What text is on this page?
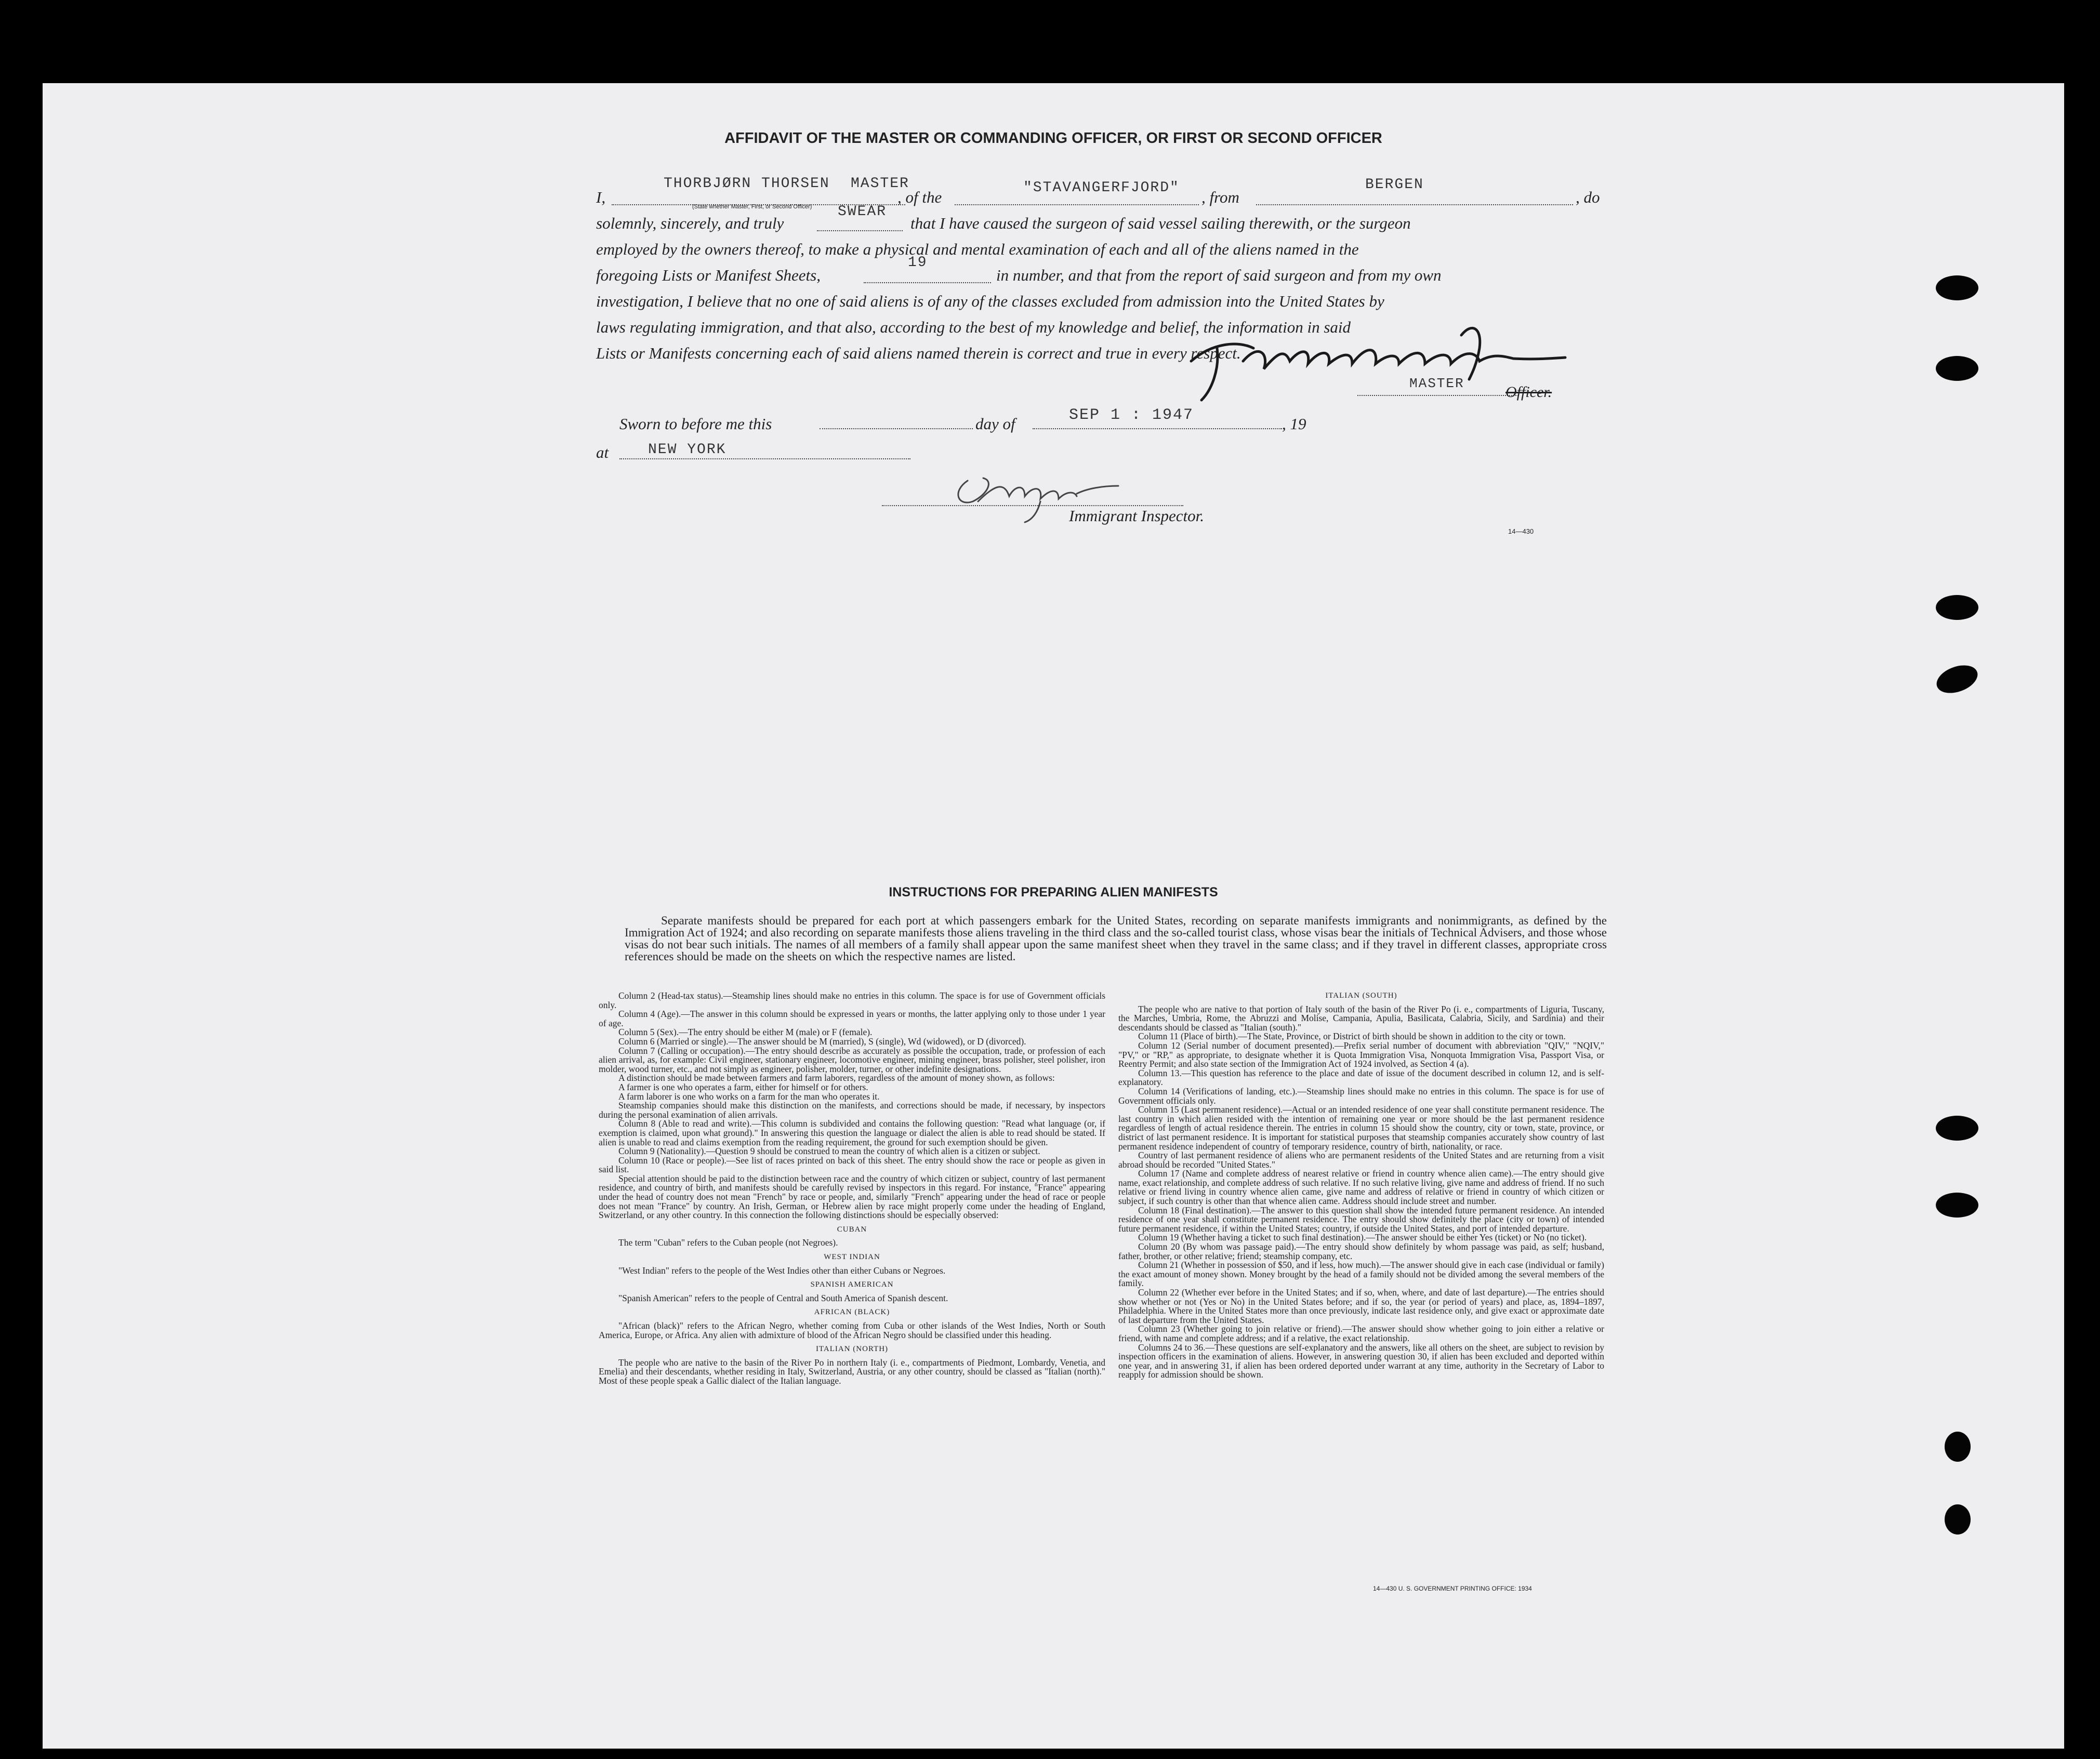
AFFIDAVIT OF THE MASTER OR COMMANDING OFFICER, OR FIRST OR SECOND OFFICER
I,	, of the	, from	, do
THORBJØRN THORSEN MASTER	"STAVANGERFJORD"	BERGEN
(State whether Master, First, or Second Officer)
solemnly, sincerely, and truly	that I have caused the surgeon of said vessel sailing therewith, or the surgeon
SWEAR
employed by the owners thereof, to make a physical and mental examination of each and all of the aliens named in the
foregoing Lists or Manifest Sheets,	in number, and that from the report of said surgeon and from my own
19
investigation, I believe that no one of said aliens is of any of the classes excluded from admission into the United States by
laws regulating immigration, and that also, according to the best of my knowledge and belief, the information in said
Lists or Manifests concerning each of said aliens named therein is correct and true in every respect.
MASTER	Officer.
Sworn to before me this	day of	SEP 1 : 1947	, 19
at	NEW YORK
Immigrant Inspector.
14—430
INSTRUCTIONS FOR PREPARING ALIEN MANIFESTS
Separate manifests should be prepared for each port at which passengers embark for the United States, recording on separate manifests immigrants and nonimmigrants, as defined by the Immigration Act of 1924; and also recording on separate manifests those aliens traveling in the third class and the so-called tourist class, whose visas bear the initials of Technical Advisers, and those whose visas do not bear such initials. The names of all members of a family shall appear upon the same manifest sheet when they travel in the same class; and if they travel in different classes, appropriate cross references should be made on the sheets on which the respective names are listed.

Column 2 (Head-tax status).—Steamship lines should make no entries in this column. The space is for use of Government officials only.

Column 4 (Age).—The answer in this column should be expressed in years or months, the latter applying only to those under 1 year of age.

Column 5 (Sex).—The entry should be either M (male) or F (female).

Column 6 (Married or single).—The answer should be M (married), S (single), Wd (widowed), or D (divorced).

Column 7 (Calling or occupation).—The entry should describe as accurately as possible the occupation, trade, or profession of each alien arrival, as, for example: Civil engineer, stationary engineer, locomotive engineer, mining engineer, brass polisher, steel polisher, iron molder, wood turner, etc., and not simply as engineer, polisher, molder, turner, or other indefinite designations.

A distinction should be made between farmers and farm laborers, regardless of the amount of money shown, as follows:

A farmer is one who operates a farm, either for himself or for others.

A farm laborer is one who works on a farm for the man who operates it.

Steamship companies should make this distinction on the manifests, and corrections should be made, if necessary, by inspectors during the personal examination of alien arrivals.

Column 8 (Able to read and write).—This column is subdivided and contains the following question: "Read what language (or, if exemption is claimed, upon what ground)." In answering this question the language or dialect the alien is able to read should be stated. If alien is unable to read and claims exemption from the reading requirement, the ground for such exemption should be given.

Column 9 (Nationality).—Question 9 should be construed to mean the country of which alien is a citizen or subject.

Column 10 (Race or people).—See list of races printed on back of this sheet. The entry should show the race or people as given in said list.

Special attention should be paid to the distinction between race and the country of which citizen or subject, country of last permanent residence, and country of birth, and manifests should be carefully revised by inspectors in this regard. For instance, "France" appearing under the head of country does not mean "French" by race or people, and, similarly "French" appearing under the head of race or people does not mean "France" by country. An Irish, German, or Hebrew alien by race might properly come under the heading of England, Switzerland, or any other country. In this connection the following distinctions should be especially observed:

CUBAN

The term "Cuban" refers to the Cuban people (not Negroes).

WEST INDIAN

"West Indian" refers to the people of the West Indies other than either Cubans or Negroes.

SPANISH AMERICAN

"Spanish American" refers to the people of Central and South America of Spanish descent.

AFRICAN (BLACK)

"African (black)" refers to the African Negro, whether coming from Cuba or other islands of the West Indies, North or South America, Europe, or Africa. Any alien with admixture of blood of the African Negro should be classified under this heading.

ITALIAN (NORTH)

The people who are native to the basin of the River Po in northern Italy (i. e., compartments of Piedmont, Lombardy, Venetia, and Emelia) and their descendants, whether residing in Italy, Switzerland, Austria, or any other country, should be classed as "Italian (north)." Most of these people speak a Gallic dialect of the Italian language.

ITALIAN (SOUTH)

The people who are native to that portion of Italy south of the basin of the River Po (i. e., compartments of Liguria, Tuscany, the Marches, Umbria, Rome, the Abruzzi and Molise, Campania, Apulia, Basilicata, Calabria, Sicily, and Sardinia) and their descendants should be classed as "Italian (south)."

Column 11 (Place of birth).—The State, Province, or District of birth should be shown in addition to the city or town.

Column 12 (Serial number of document presented).—Prefix serial number of document with abbreviation "QIV," "NQIV," "PV," or "RP," as appropriate, to designate whether it is Quota Immigration Visa, Nonquota Immigration Visa, Passport Visa, or Reentry Permit; and also state section of the Immigration Act of 1924 involved, as Section 4 (a).

Column 13.—This question has reference to the place and date of issue of the document described in column 12, and is self-explanatory.

Column 14 (Verifications of landing, etc.).—Steamship lines should make no entries in this column. The space is for use of Government officials only.

Column 15 (Last permanent residence).—Actual or an intended residence of one year shall constitute permanent residence. The last country in which alien resided with the intention of remaining one year or more should be the last permanent residence regardless of length of actual residence therein. The entries in column 15 should show the country, city or town, state, province, or district of last permanent residence. It is important for statistical purposes that steamship companies accurately show country of last permanent residence independent of country of temporary residence, country of birth, nationality, or race.

Country of last permanent residence of aliens who are permanent residents of the United States and are returning from a visit abroad should be recorded "United States."

Column 17 (Name and complete address of nearest relative or friend in country whence alien came).—The entry should give name, exact relationship, and complete address of such relative. If no such relative living, give name and address of friend. If no such relative or friend living in country whence alien came, give name and address of relative or friend in country of which citizen or subject, if such country is other than that whence alien came. Address should include street and number.

Column 18 (Final destination).—The answer to this question shall show the intended future permanent residence. An intended residence of one year shall constitute permanent residence. The entry should show definitely the place (city or town) of intended future permanent residence, if within the United States; country, if outside the United States, and port of intended departure.

Column 19 (Whether having a ticket to such final destination).—The answer should be either Yes (ticket) or No (no ticket).

Column 20 (By whom was passage paid).—The entry should show definitely by whom passage was paid, as self; husband, father, brother, or other relative; friend; steamship company, etc.

Column 21 (Whether in possession of $50, and if less, how much).—The answer should give in each case (individual or family) the exact amount of money shown. Money brought by the head of a family should not be divided among the several members of the family.

Column 22 (Whether ever before in the United States; and if so, when, where, and date of last departure).—The entries should show whether or not (Yes or No) in the United States before; and if so, the year (or period of years) and place, as, 1894–1897, Philadelphia. Where in the United States more than once previously, indicate last residence only, and give exact or approximate date of last departure from the United States.

Column 23 (Whether going to join relative or friend).—The answer should show whether going to join either a relative or friend, with name and complete address; and if a relative, the exact relationship.

Columns 24 to 36.—These questions are self-explanatory and the answers, like all others on the sheet, are subject to revision by inspection officers in the examination of aliens. However, in answering question 30, if alien has been excluded and deported within one year, and in answering 31, if alien has been ordered deported under warrant at any time, authority in the Secretary of Labor to reapply for admission should be shown.

14—430 U. S. GOVERNMENT PRINTING OFFICE: 1934
